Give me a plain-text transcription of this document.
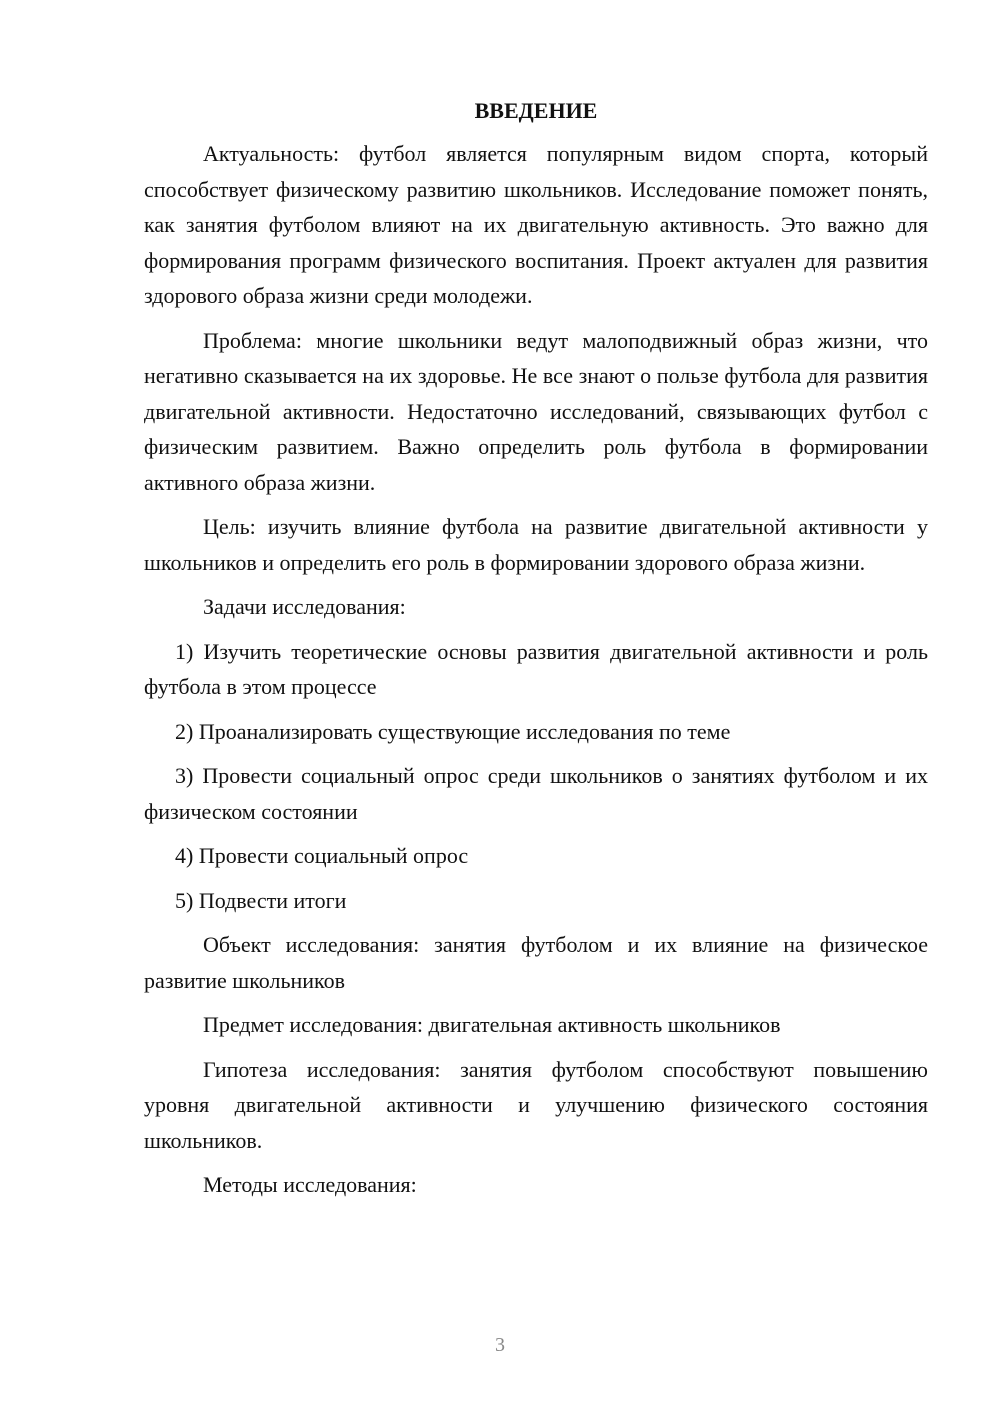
ВВЕДЕНИЕ

Актуальность: футбол является популярным видом спорта, который способствует физическому развитию школьников. Исследование поможет понять, как занятия футболом влияют на их двигательную активность. Это важно для формирования программ физического воспитания. Проект актуален для развития здорового образа жизни среди молодежи.

Проблема: многие школьники ведут малоподвижный образ жизни, что негативно сказывается на их здоровье. Не все знают о пользе футбола для развития двигательной активности. Недостаточно исследований, связывающих футбол с физическим развитием. Важно определить роль футбола в формировании активного образа жизни.

Цель: изучить влияние футбола на развитие двигательной активности у школьников и определить его роль в формировании здорового образа жизни.

Задачи исследования:

1) Изучить теоретические основы развития двигательной активности и роль футбола в этом процессе

2) Проанализировать существующие исследования по теме

3) Провести социальный опрос среди школьников о занятиях футболом и их физическом состоянии

4) Провести социальный опрос

5) Подвести итоги

Объект исследования: занятия футболом и их влияние на физическое развитие школьников

Предмет исследования: двигательная активность школьников

Гипотеза исследования: занятия футболом способствуют повышению уровня двигательной активности и улучшению физического состояния школьников.

Методы исследования:

3
